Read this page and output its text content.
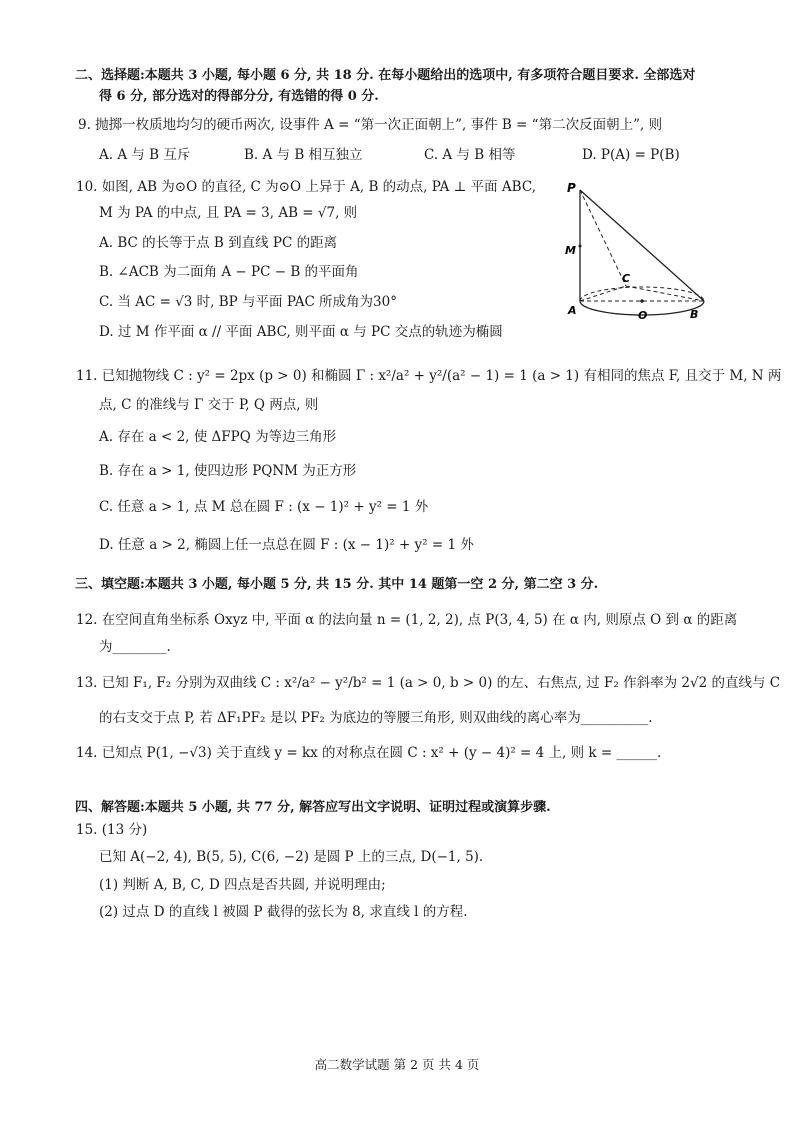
二、选择题:本题共 3 小题, 每小题 6 分, 共 18 分. 在每小题给出的选项中, 有多项符合题目要求. 全部选对
得 6 分, 部分选对的得部分分, 有选错的得 0 分.
9. 抛掷一枚质地均匀的硬币两次, 设事件 A = “第一次正面朝上”, 事件 B = “第二次反面朝上”, 则
A. A 与 B 互斥	B. A 与 B 相互独立	C. A 与 B 相等	D. P(A) = P(B)
10. 如图, AB 为⊙O 的直径, C 为⊙O 上异于 A, B 的动点, PA ⊥ 平面 ABC,
M 为 PA 的中点, 且 PA = 3, AB = √7, 则
A. BC 的长等于点 B 到直线 PC 的距离
B. ∠ACB 为二面角 A − PC − B 的平面角
C. 当 AC = √3 时, BP 与平面 PAC 所成角为30°
D. 过 M 作平面 α // 平面 ABC, 则平面 α 与 PC 交点的轨迹为椭圆
P
M
C
A	O	B
11. 已知抛物线 C : y² = 2px (p > 0) 和椭圆 Γ : x²/a² + y²/(a² − 1) = 1 (a > 1) 有相同的焦点 F, 且交于 M, N 两
点, C 的准线与 Γ 交于 P, Q 两点, 则
A. 存在 a < 2, 使 ΔFPQ 为等边三角形
B. 存在 a > 1, 使四边形 PQNM 为正方形
C. 任意 a > 1, 点 M 总在圆 F : (x − 1)² + y² = 1 外
D. 任意 a > 2, 椭圆上任一点总在圆 F : (x − 1)² + y² = 1 外
三、填空题:本题共 3 小题, 每小题 5 分, 共 15 分. 其中 14 题第一空 2 分, 第二空 3 分.
12. 在空间直角坐标系 Oxyz 中, 平面 α 的法向量 n = (1, 2, 2), 点 P(3, 4, 5) 在 α 内, 则原点 O 到 α 的距离
为________.
13. 已知 F₁, F₂ 分别为双曲线 C : x²/a² − y²/b² = 1 (a > 0, b > 0) 的左、右焦点, 过 F₂ 作斜率为 2√2 的直线与 C
的右支交于点 P, 若 ΔF₁PF₂ 是以 PF₂ 为底边的等腰三角形, 则双曲线的离心率为__________.
14. 已知点 P(1, −√3) 关于直线 y = kx 的对称点在圆 C : x² + (y − 4)² = 4 上, 则 k = ______.
四、解答题:本题共 5 小题, 共 77 分, 解答应写出文字说明、证明过程或演算步骤.
15. (13 分)
已知 A(−2, 4), B(5, 5), C(6, −2) 是圆 P 上的三点, D(−1, 5).
(1) 判断 A, B, C, D 四点是否共圆, 并说明理由;
(2) 过点 D 的直线 l 被圆 P 截得的弦长为 8, 求直线 l 的方程.
高二数学试题 第 2 页 共 4 页
